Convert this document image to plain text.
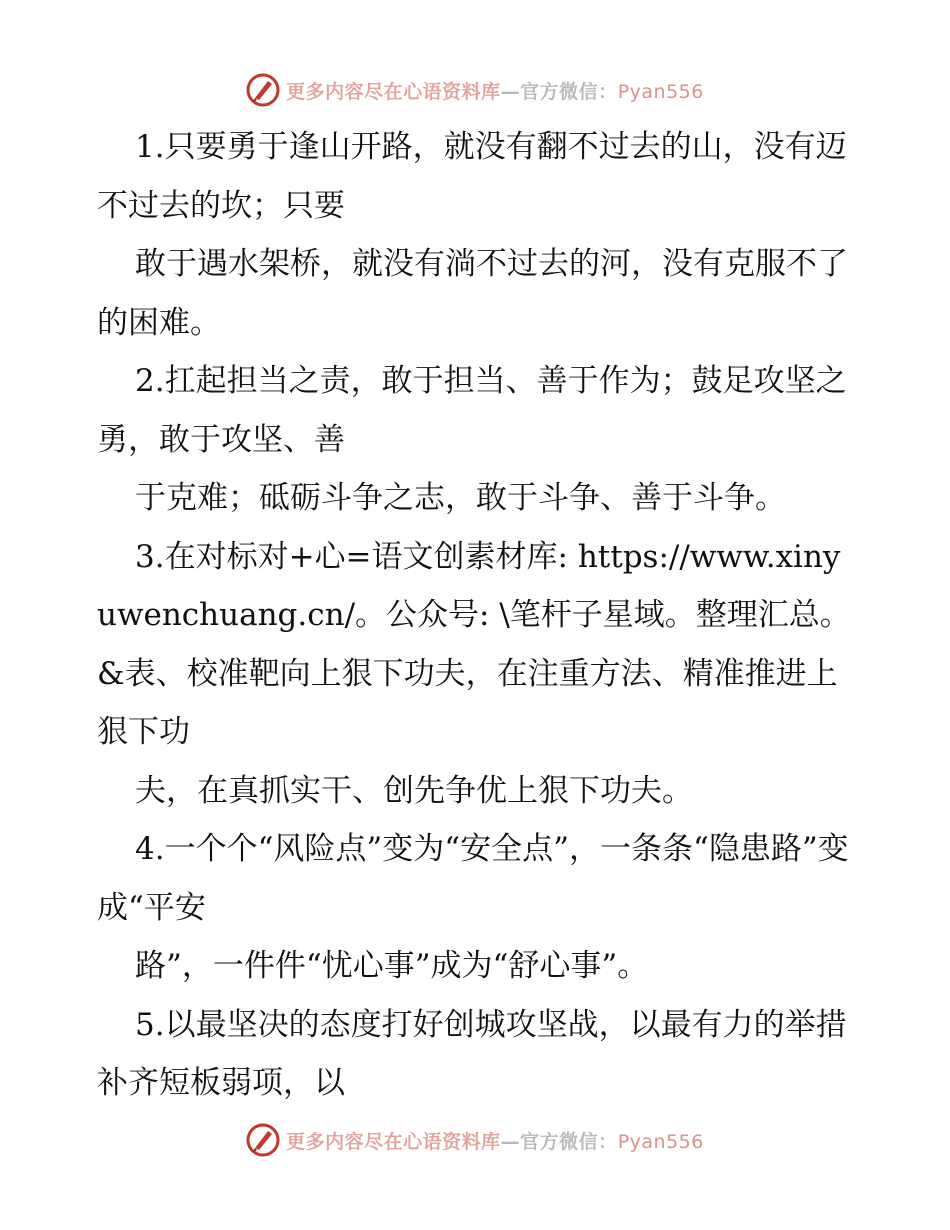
更多内容尽在心语资料库—官方微信：Pyan556

1.只要勇于逢山开路，就没有翻不过去的山，没有迈不过去的坎；只要

敢于遇水架桥，就没有淌不过去的河，没有克服不了的困难。

2.扛起担当之责，敢于担当、善于作为；鼓足攻坚之勇，敢于攻坚、善

于克难；砥砺斗争之志，敢于斗争、善于斗争。

3.在对标对+心=语文创素材库: https://www.xinyuwenchuang.cn/。公众号: \笔杆子星域。整理汇总。&表、校准靶向上狠下功夫，在注重方法、精准推进上狠下功

夫，在真抓实干、创先争优上狠下功夫。

4.一个个“风险点”变为“安全点”，一条条“隐患路”变成“平安

路”，一件件“忧心事”成为“舒心事”。

5.以最坚决的态度打好创城攻坚战，以最有力的举措补齐短板弱项，以

更多内容尽在心语资料库—官方微信：Pyan556
